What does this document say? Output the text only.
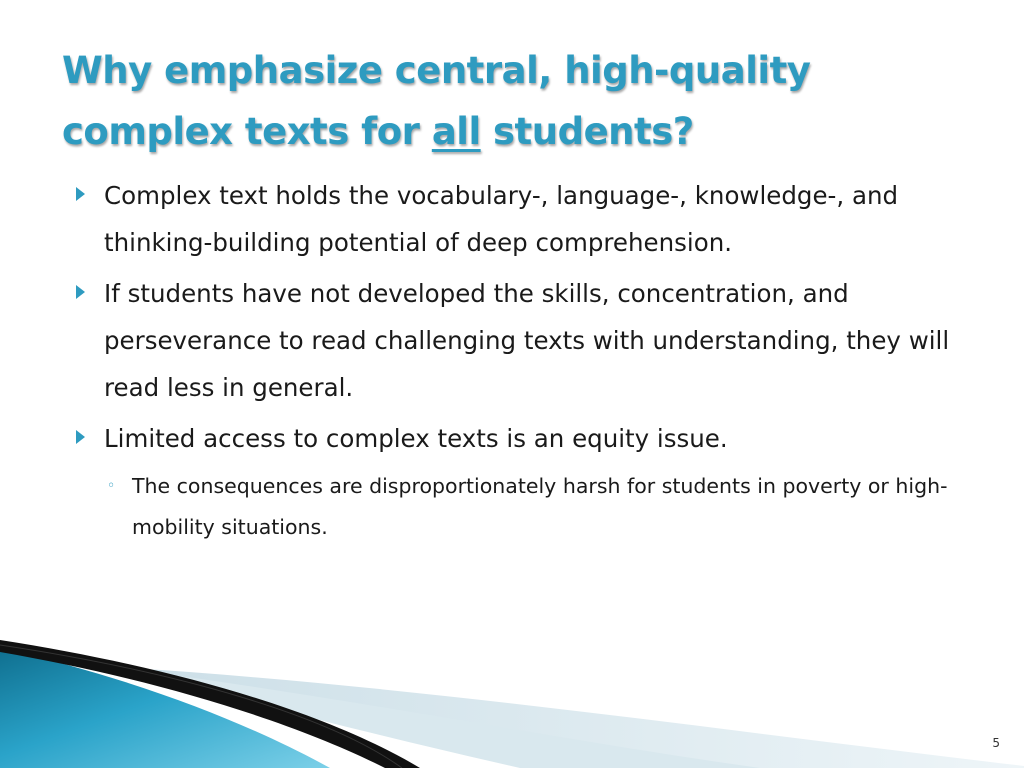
Why emphasize central, high-quality complex texts for all students?
Complex text holds the vocabulary-, language-, knowledge-, and thinking-building potential of deep comprehension.
If students have not developed the skills, concentration, and perseverance to read challenging texts with understanding, they will read less in general.
Limited access to complex texts is an equity issue.
◦ The consequences are disproportionately harsh for students in poverty or high-mobility situations.
5
